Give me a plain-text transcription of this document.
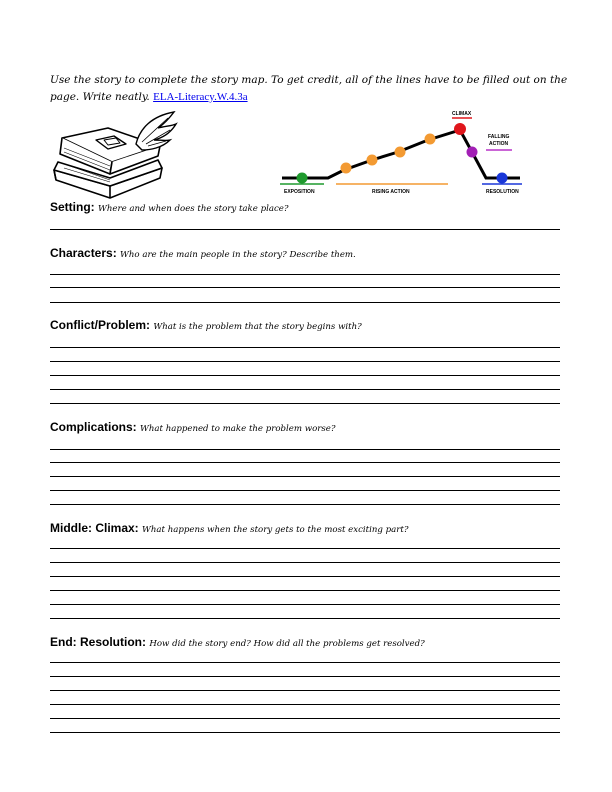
Use the story to complete the story map. To get credit, all of the lines have to be filled out on the page. Write neatly. ELA-Literacy.W.4.3a
EXPOSITION	RISING ACTION
CLIMAX
FALLING
ACTION
RESOLUTION
Setting: Where and when does the story take place?
Characters: Who are the main people in the story? Describe them.
Conflict/Problem: What is the problem that the story begins with?
Complications: What happened to make the problem worse?
Middle: Climax: What happens when the story gets to the most exciting part?
End: Resolution: How did the story end? How did all the problems get resolved?
